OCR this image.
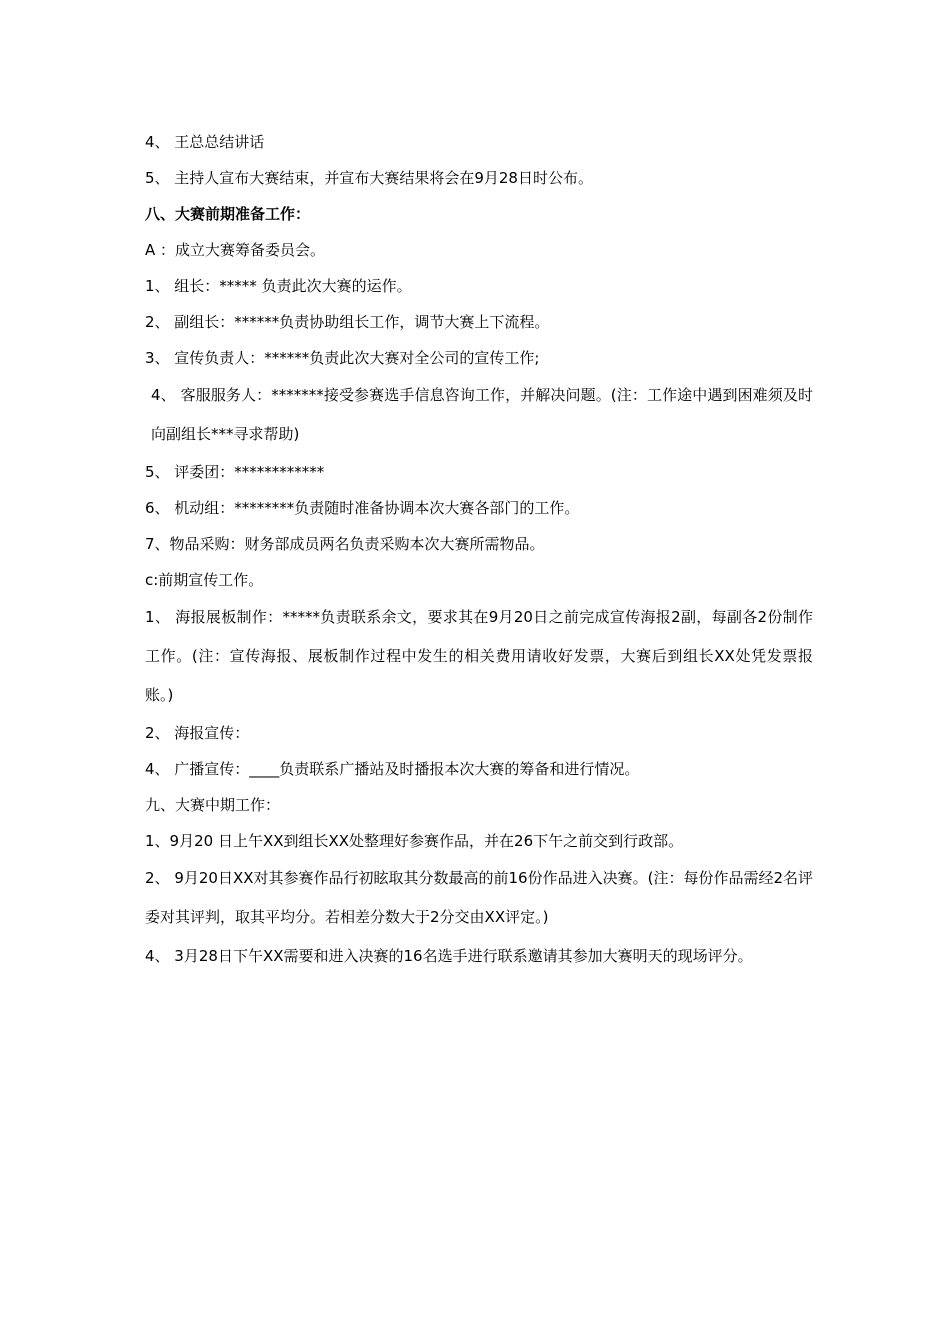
4、 王总总结讲话
5、 主持人宣布大赛结束，并宣布大赛结果将会在9月28日时公布。
八、大赛前期准备工作：
A ：成立大赛筹备委员会。
1、 组长：***** 负责此次大赛的运作。
2、 副组长：******负责协助组长工作，调节大赛上下流程。
3、 宣传负责人：******负责此次大赛对全公司的宣传工作;
4、 客服服务人：*******接受参赛选手信息咨询工作，并解决问题。(注：工作途中遇到困难须及时向副组长***寻求帮助)
5、 评委团：************
6、 机动组：********负责随时准备协调本次大赛各部门的工作。
7、物品采购：财务部成员两名负责采购本次大赛所需物品。
c:前期宣传工作。
1、 海报展板制作：*****负责联系余文，要求其在9月20日之前完成宣传海报2副，每副各2份制作工作。(注：宣传海报、展板制作过程中发生的相关费用请收好发票，大赛后到组长XX处凭发票报账。)
2、 海报宣传：
4、 广播宣传：____负责联系广播站及时播报本次大赛的筹备和进行情况。
九、大赛中期工作：
1、9月20 日上午XX到组长XX处整理好参赛作品，并在26下午之前交到行政部。
2、 9月20日XX对其参赛作品行初眩取其分数最高的前16份作品进入决赛。(注：每份作品需经2名评委对其评判，取其平均分。若相差分数大于2分交由XX评定。)
4、 3月28日下午XX需要和进入决赛的16名选手进行联系邀请其参加大赛明天的现场评分。
